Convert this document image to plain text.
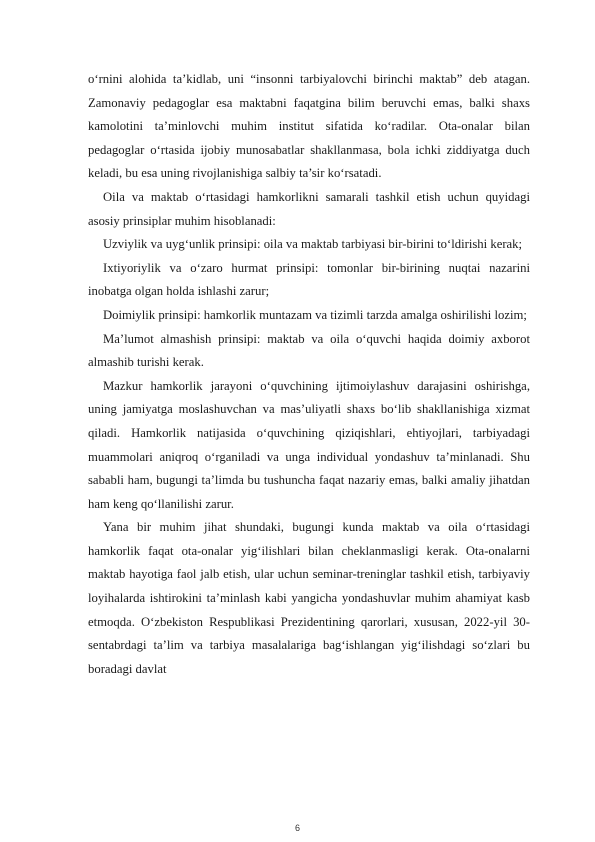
o‘rnini alohida ta’kidlab, uni “insonni tarbiyalovchi birinchi maktab” deb atagan. Zamonaviy pedagoglar esa maktabni faqatgina bilim beruvchi emas, balki shaxs kamolotini ta’minlovchi muhim institut sifatida ko‘radilar. Ota-onalar bilan pedagoglar o‘rtasida ijobiy munosabatlar shakllanmasa, bola ichki ziddiyatga duch keladi, bu esa uning rivojlanishiga salbiy ta’sir ko‘rsatadi.

Oila va maktab o‘rtasidagi hamkorlikni samarali tashkil etish uchun quyidagi asosiy prinsiplar muhim hisoblanadi:

Uzviylik va uyg‘unlik prinsipi: oila va maktab tarbiyasi bir-birini to‘ldirishi kerak;

Ixtiyoriylik va o‘zaro hurmat prinsipi: tomonlar bir-birining nuqtai nazarini inobatga olgan holda ishlashi zarur;

Doimiylik prinsipi: hamkorlik muntazam va tizimli tarzda amalga oshirilishi lozim;

Ma’lumot almashish prinsipi: maktab va oila o‘quvchi haqida doimiy axborot almashib turishi kerak.

Mazkur hamkorlik jarayoni o‘quvchining ijtimoiylashuv darajasini oshirishga, uning jamiyatga moslashuvchan va mas’uliyatli shaxs bo‘lib shakllanishiga xizmat qiladi. Hamkorlik natijasida o‘quvchining qiziqishlari, ehtiyojlari, tarbiyadagi muammolari aniqroq o‘rganiladi va unga individual yondashuv ta’minlanadi. Shu sababli ham, bugungi ta’limda bu tushuncha faqat nazariy emas, balki amaliy jihatdan ham keng qo‘llanilishi zarur.

Yana bir muhim jihat shundaki, bugungi kunda maktab va oila o‘rtasidagi hamkorlik faqat ota-onalar yig‘ilishlari bilan cheklanmasligi kerak. Ota-onalarni maktab hayotiga faol jalb etish, ular uchun seminar-treninglar tashkil etish, tarbiyaviy loyihalarda ishtirokini ta’minlash kabi yangicha yondashuvlar muhim ahamiyat kasb etmoqda. O‘zbekiston Respublikasi Prezidentining qarorlari, xususan, 2022-yil 30-sentabrdagi ta’lim va tarbiya masalalariga bag‘ishlangan yig‘ilishdagi so‘zlari bu boradagi davlat

6
